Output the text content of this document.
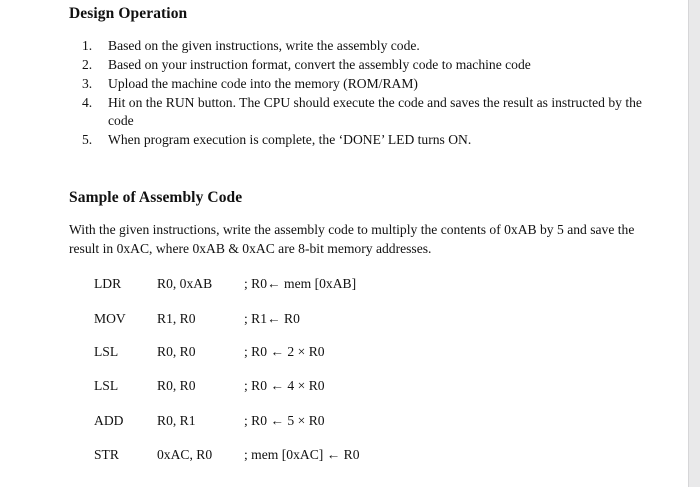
Design Operation
1. Based on the given instructions, write the assembly code.
2. Based on your instruction format, convert the assembly code to machine code
3. Upload the machine code into the memory (ROM/RAM)
4. Hit on the RUN button. The CPU should execute the code and saves the result as instructed by the code
5. When program execution is complete, the ‘DONE’ LED turns ON.
Sample of Assembly Code

With the given instructions, write the assembly code to multiply the contents of 0xAB by 5 and save the result in 0xAC, where 0xAB & 0xAC are 8-bit memory addresses.

LDR	R0, 0xAB ; R0← mem [0xAB]
MOV R1, R0	; R1← R0
LSL	R0, R0	; R0 ← 2 × R0
LSL	R0, R0	; R0 ← 4 × R0
ADD R0, R1	; R0 ← 5 × R0
STR	0xAC, R0 ; mem [0xAC] ← R0
